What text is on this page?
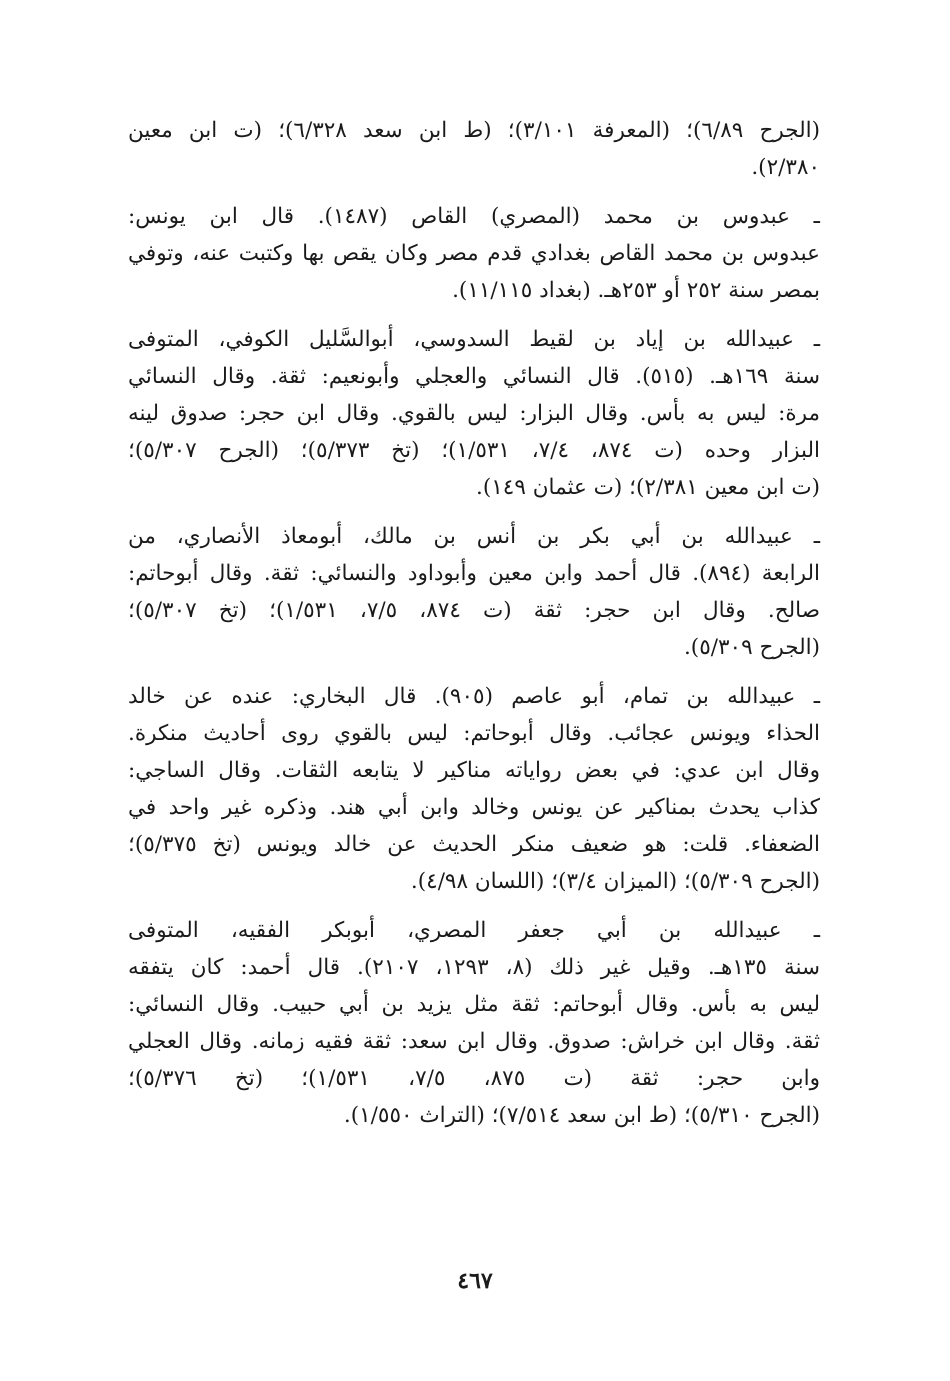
(الجرح ٦/٨٩)؛ (المعرفة ٣/١٠١)؛ (ط ابن سعد ٦/٣٢٨)؛ (ت ابن معين
٢/٣٨٠).
ـ عبدوس بن محمد (المصري) القاص (١٤٨٧). قال ابن يونس:
عبدوس بن محمد القاص بغدادي قدم مصر وكان يقص بها وكتبت عنه، وتوفي
بمصر سنة ٢٥٢ أو ٢٥٣هـ. (بغداد ١١/١١٥).
ـ عبيدالله بن إياد بن لقيط السدوسي، أبوالسَّليل الكوفي، المتوفى
سنة ١٦٩هـ. (٥١٥). قال النسائي والعجلي وأبونعيم: ثقة. وقال النسائي
مرة: ليس به بأس. وقال البزار: ليس بالقوي. وقال ابن حجر: صدوق لينه
البزار وحده (ت ٨٧٤، ٧/٤، ١/٥٣١)؛ (تخ ٥/٣٧٣)؛ (الجرح ٥/٣٠٧)؛
(ت ابن معين ٢/٣٨١)؛ (ت عثمان ١٤٩).
ـ عبيدالله بن أبي بكر بن أنس بن مالك، أبومعاذ الأنصاري، من
الرابعة (٨٩٤). قال أحمد وابن معين وأبوداود والنسائي: ثقة. وقال أبوحاتم:
صالح. وقال ابن حجر: ثقة (ت ٨٧٤، ٧/٥، ١/٥٣١)؛ (تخ ٥/٣٠٧)؛
(الجرح ٥/٣٠٩).
ـ عبيدالله بن تمام، أبو عاصم (٩٠٥). قال البخاري: عنده عن خالد
الحذاء ويونس عجائب. وقال أبوحاتم: ليس بالقوي روى أحاديث منكرة.
وقال ابن عدي: في بعض رواياته مناكير لا يتابعه الثقات. وقال الساجي:
كذاب يحدث بمناكير عن يونس وخالد وابن أبي هند. وذكره غير واحد في
الضعفاء. قلت: هو ضعيف منكر الحديث عن خالد ويونس (تخ ٥/٣٧٥)؛
(الجرح ٥/٣٠٩)؛ (الميزان ٣/٤)؛ (اللسان ٤/٩٨).
ـ عبيدالله بن أبي جعفر المصري، أبوبكر الفقيه، المتوفى
سنة ١٣٥هـ. وقيل غير ذلك (٨، ١٢٩٣، ٢١٠٧). قال أحمد: كان يتفقه
ليس به بأس. وقال أبوحاتم: ثقة مثل يزيد بن أبي حبيب. وقال النسائي:
ثقة. وقال ابن خراش: صدوق. وقال ابن سعد: ثقة فقيه زمانه. وقال العجلي
وابن حجر: ثقة (ت ٨٧٥، ٧/٥، ١/٥٣١)؛ (تخ ٥/٣٧٦)؛
(الجرح ٥/٣١٠)؛ (ط ابن سعد ٧/٥١٤)؛ (التراث ١/٥٥٠).
٤٦٧
